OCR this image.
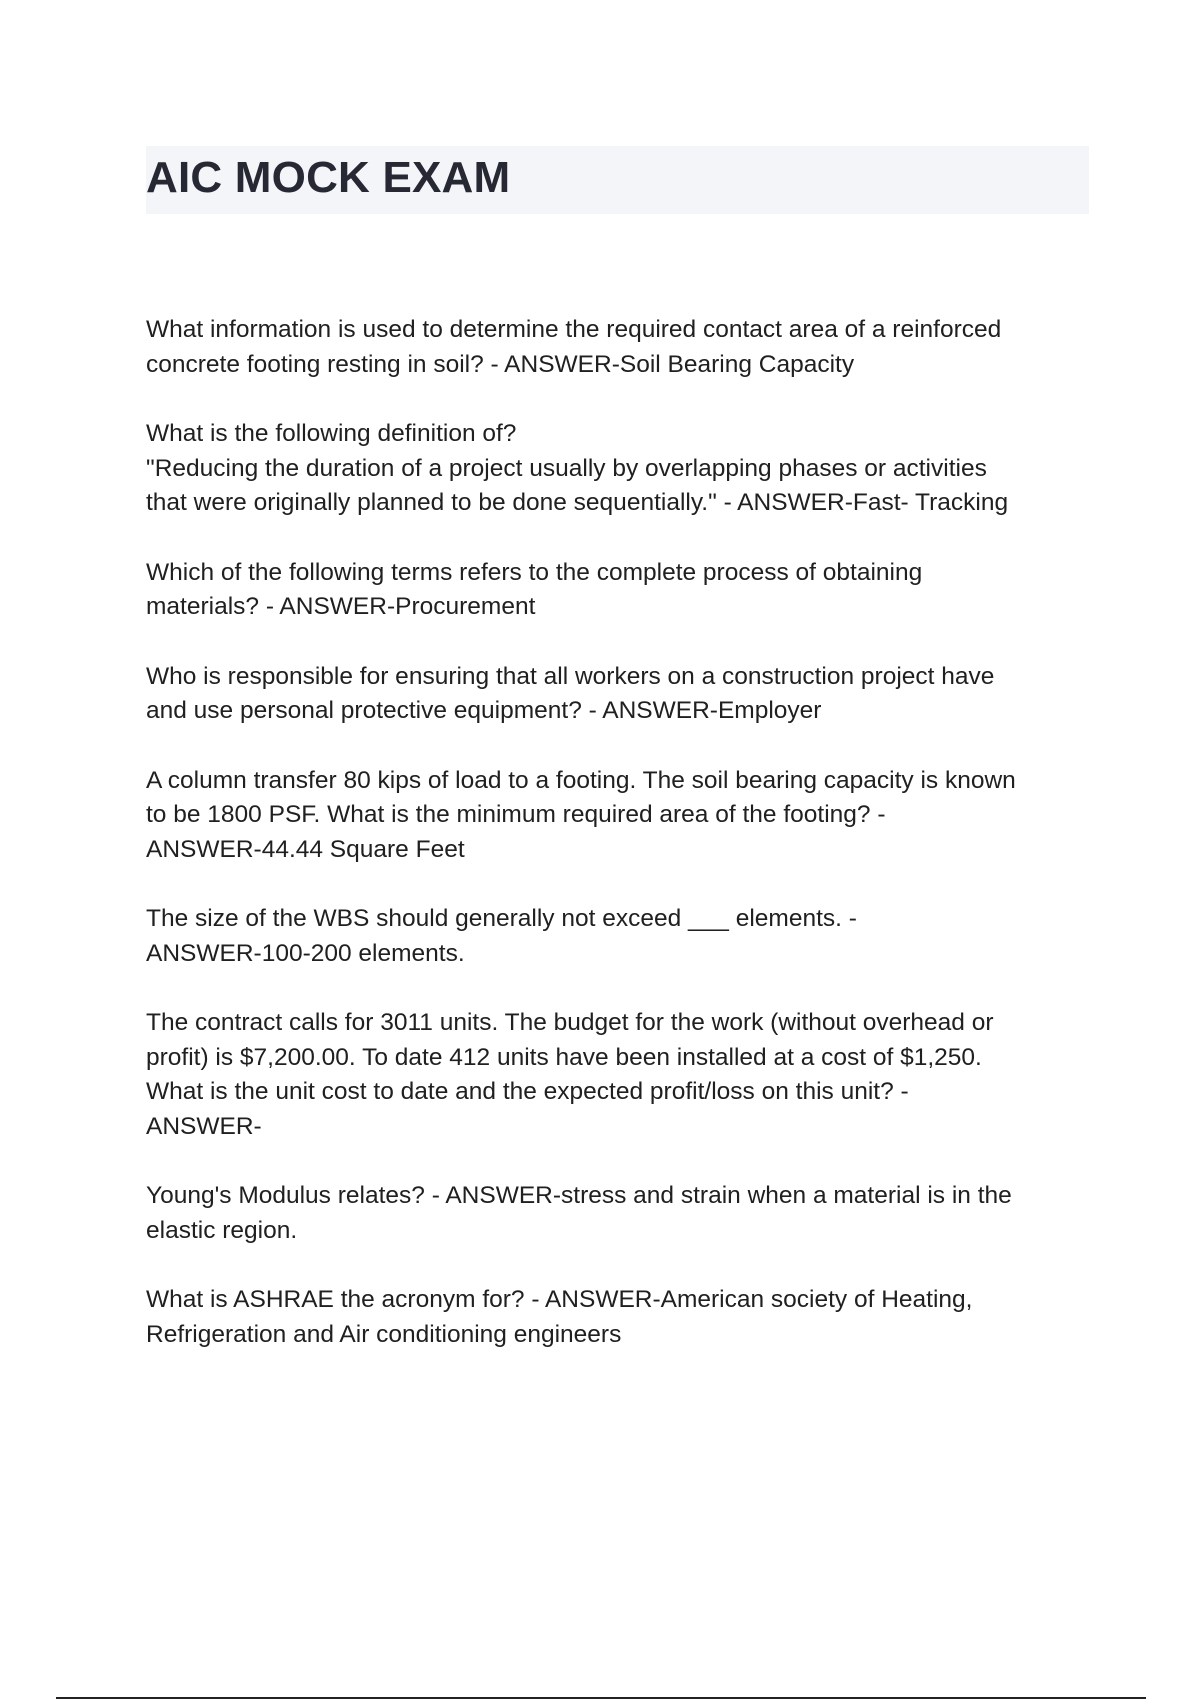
AIC MOCK EXAM
What information is used to determine the required contact area of a reinforced
concrete footing resting in soil? - ANSWER-Soil Bearing Capacity
What is the following definition of?
"Reducing the duration of a project usually by overlapping phases or activities
that were originally planned to be done sequentially." - ANSWER-Fast- Tracking
Which of the following terms refers to the complete process of obtaining
materials? - ANSWER-Procurement
Who is responsible for ensuring that all workers on a construction project have
and use personal protective equipment? - ANSWER-Employer
A column transfer 80 kips of load to a footing. The soil bearing capacity is known
to be 1800 PSF. What is the minimum required area of the footing? -
ANSWER-44.44 Square Feet
The size of the WBS should generally not exceed ___ elements. -
ANSWER-100-200 elements.
The contract calls for 3011 units. The budget for the work (without overhead or
profit) is $7,200.00. To date 412 units have been installed at a cost of $1,250.
What is the unit cost to date and the expected profit/loss on this unit? -
ANSWER-
Young's Modulus relates? - ANSWER-stress and strain when a material is in the
elastic region.
What is ASHRAE the acronym for? - ANSWER-American society of Heating,
Refrigeration and Air conditioning engineers
